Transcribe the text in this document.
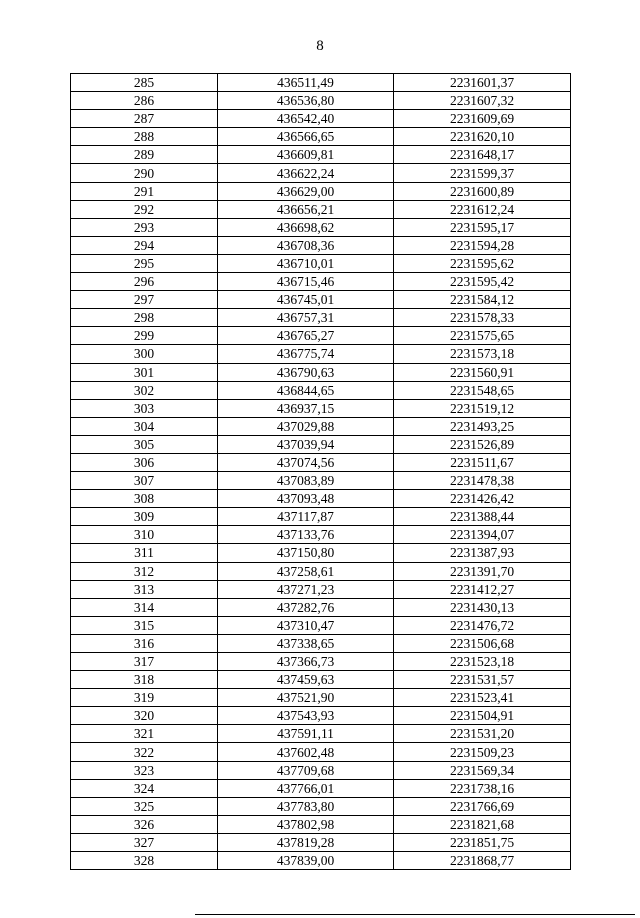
8
285	436511,49	2231601,37
286	436536,80	2231607,32
287	436542,40	2231609,69
288	436566,65	2231620,10
289	436609,81	2231648,17
290	436622,24	2231599,37
291	436629,00	2231600,89
292	436656,21	2231612,24
293	436698,62	2231595,17
294	436708,36	2231594,28
295	436710,01	2231595,62
296	436715,46	2231595,42
297	436745,01	2231584,12
298	436757,31	2231578,33
299	436765,27	2231575,65
300	436775,74	2231573,18
301	436790,63	2231560,91
302	436844,65	2231548,65
303	436937,15	2231519,12
304	437029,88	2231493,25
305	437039,94	2231526,89
306	437074,56	2231511,67
307	437083,89	2231478,38
308	437093,48	2231426,42
309	437117,87	2231388,44
310	437133,76	2231394,07
311	437150,80	2231387,93
312	437258,61	2231391,70
313	437271,23	2231412,27
314	437282,76	2231430,13
315	437310,47	2231476,72
316	437338,65	2231506,68
317	437366,73	2231523,18
318	437459,63	2231531,57
319	437521,90	2231523,41
320	437543,93	2231504,91
321	437591,11	2231531,20
322	437602,48	2231509,23
323	437709,68	2231569,34
324	437766,01	2231738,16
325	437783,80	2231766,69
326	437802,98	2231821,68
327	437819,28	2231851,75
328	437839,00	2231868,77
